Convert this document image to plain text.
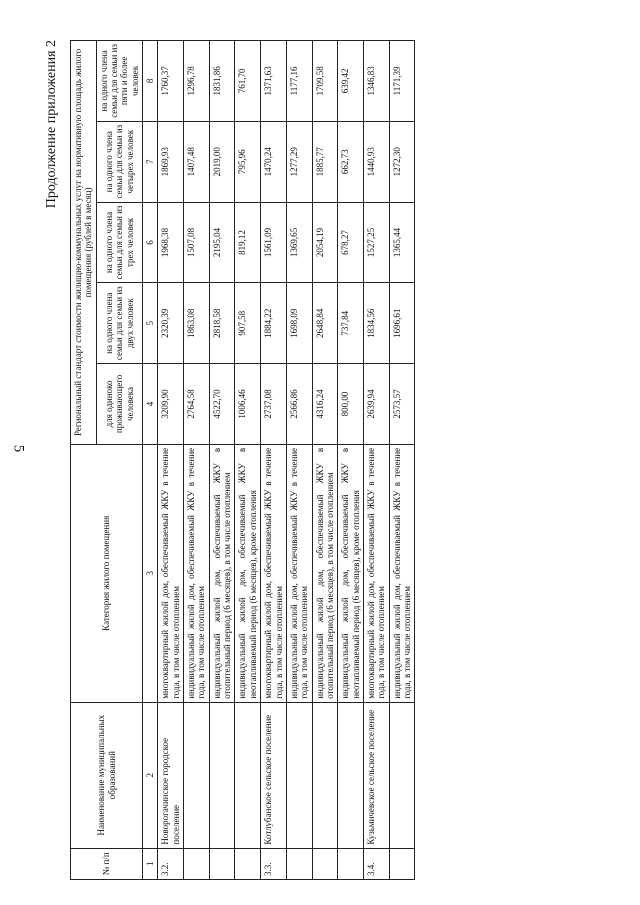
5
Продолжение приложения 2
№ п/п	Наименование муниципальных образований	Категория жилого помещения	Региональный стандарт стоимости жилищно-коммунальных услуг на нормативную площадь жилого помещения (рублей в месяц)				
			для одиноко проживающего человека	на одного члена семьи для семьи из двух человек	на одного члена семьи для семьи из трех человек	на одного члена семьи для семьи из четырех человек	на одного члена семьи для семьи из пяти и более человек
1	2	3	4	5	6	7	8
3.2.	Новорогачинское городское поселение	многоквартирный жилой дом, обеспечиваемый ЖКУ в течение года, в том числе отоплением	3209,90	2320,39	1968,38	1869,93	1760,37
		индивидуальный жилой дом, обеспечиваемый ЖКУ в течение года, в том числе отоплением	2764,58	1863,08	1507,08	1407,48	1296,78
		индивидуальный жилой дом, обеспечиваемый ЖКУ в отопительный период (6 месяцев), в том числе отоплением	4522,70	2818,58	2195,04	2019,00	1831,86
		индивидуальный жилой дом, обеспечиваемый ЖКУ в неотапливаемый период (6 месяцев), кроме отопления	1006,46	907,58	819,12	795,96	761,70
3.3.	Котлубанское сельское поселение	многоквартирный жилой дом, обеспечиваемый ЖКУ в течение года, в том числе отоплением	2737,08	1884,22	1561,09	1470,24	1371,63
		индивидуальный жилой дом, обеспечиваемый ЖКУ в течение года, в том числе отоплением	2566,86	1698,09	1369,65	1277,29	1177,16
		индивидуальный жилой дом, обеспечиваемый ЖКУ в отопительный период (6 месяцев), в том числе отоплением	4316,24	2648,84	2054,19	1885,77	1709,58
		индивидуальный жилой дом, обеспечиваемый ЖКУ в неотапливаемый период (6 месяцев), кроме отопления	800,00	737,84	678,27	662,73	639,42
3.4.	Кузьмичевское сельское поселение	многоквартирный жилой дом, обеспечиваемый ЖКУ в течение года, в том числе отоплением	2639,94	1834,56	1527,25	1440,93	1346,83
		индивидуальный жилой дом, обеспечиваемый ЖКУ в течение года, в том числе отоплением	2573,57	1696,61	1365,44	1272,30	1171,39
